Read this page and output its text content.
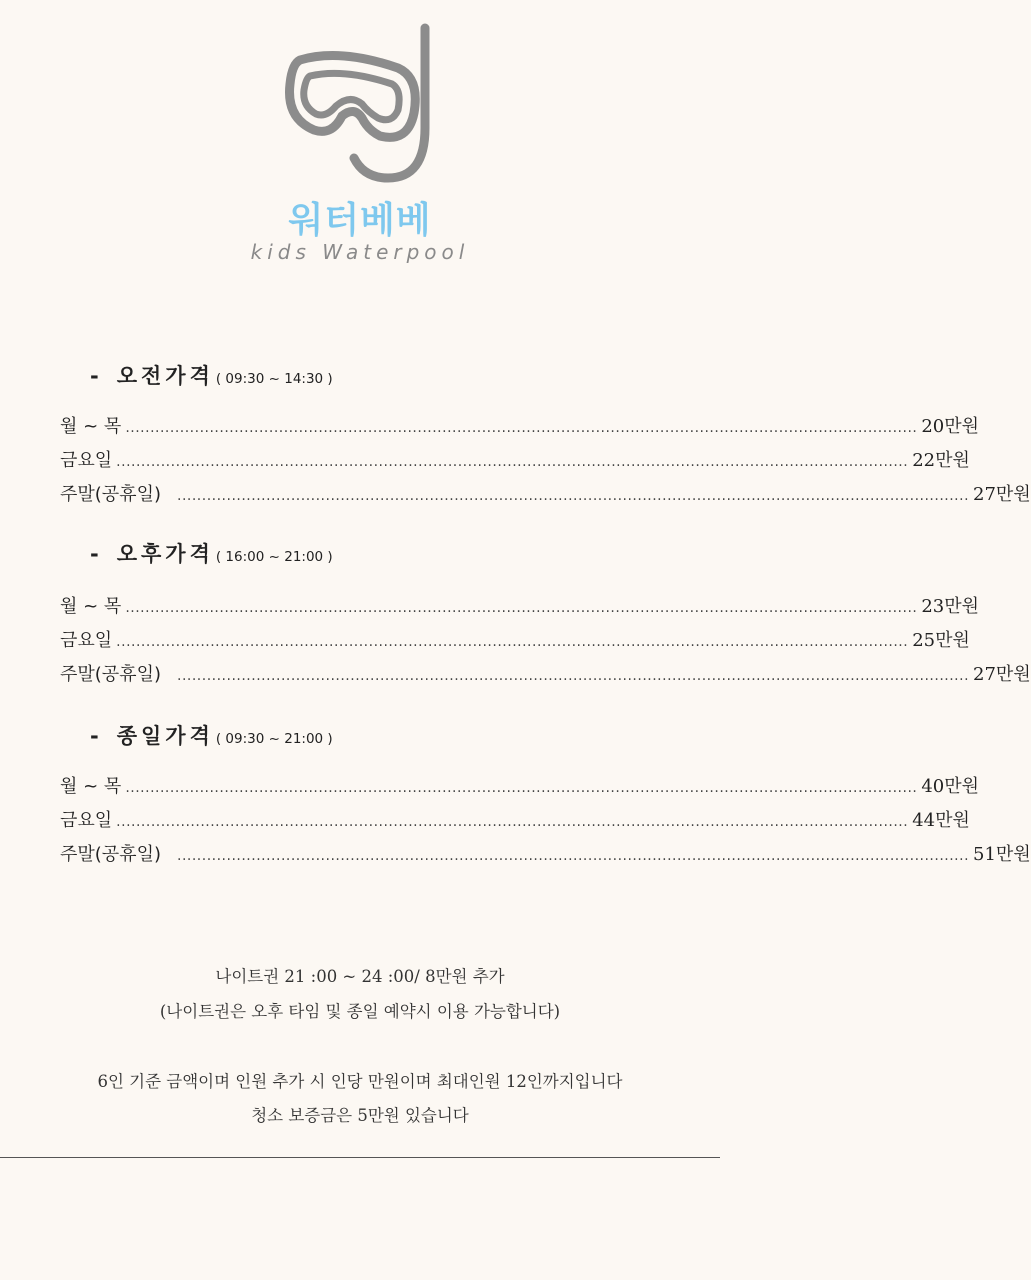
워터베베
kids Waterpool
- 오전가격 ( 09:30 ~ 14:30 )
월 ~ 목 ................................................................................................................................................................ 20만원
금요일 ................................................................................................................................................................ 22만원
주말(공휴일) ................................................................................................................................................................ 27만원
- 오후가격 ( 16:00 ~ 21:00 )
월 ~ 목 ................................................................................................................................................................ 23만원
금요일 ................................................................................................................................................................ 25만원
주말(공휴일) ................................................................................................................................................................ 27만원
- 종일가격 ( 09:30 ~ 21:00 )
월 ~ 목 ................................................................................................................................................................ 40만원
금요일 ................................................................................................................................................................ 44만원
주말(공휴일) ................................................................................................................................................................ 51만원
나이트권 21 :00 ~ 24 :00/ 8만원 추가
(나이트권은 오후 타임 및 종일 예약시 이용 가능합니다)
6인 기준 금액이며 인원 추가 시 인당 만원이며 최대인원 12인까지입니다
청소 보증금은 5만원 있습니다
